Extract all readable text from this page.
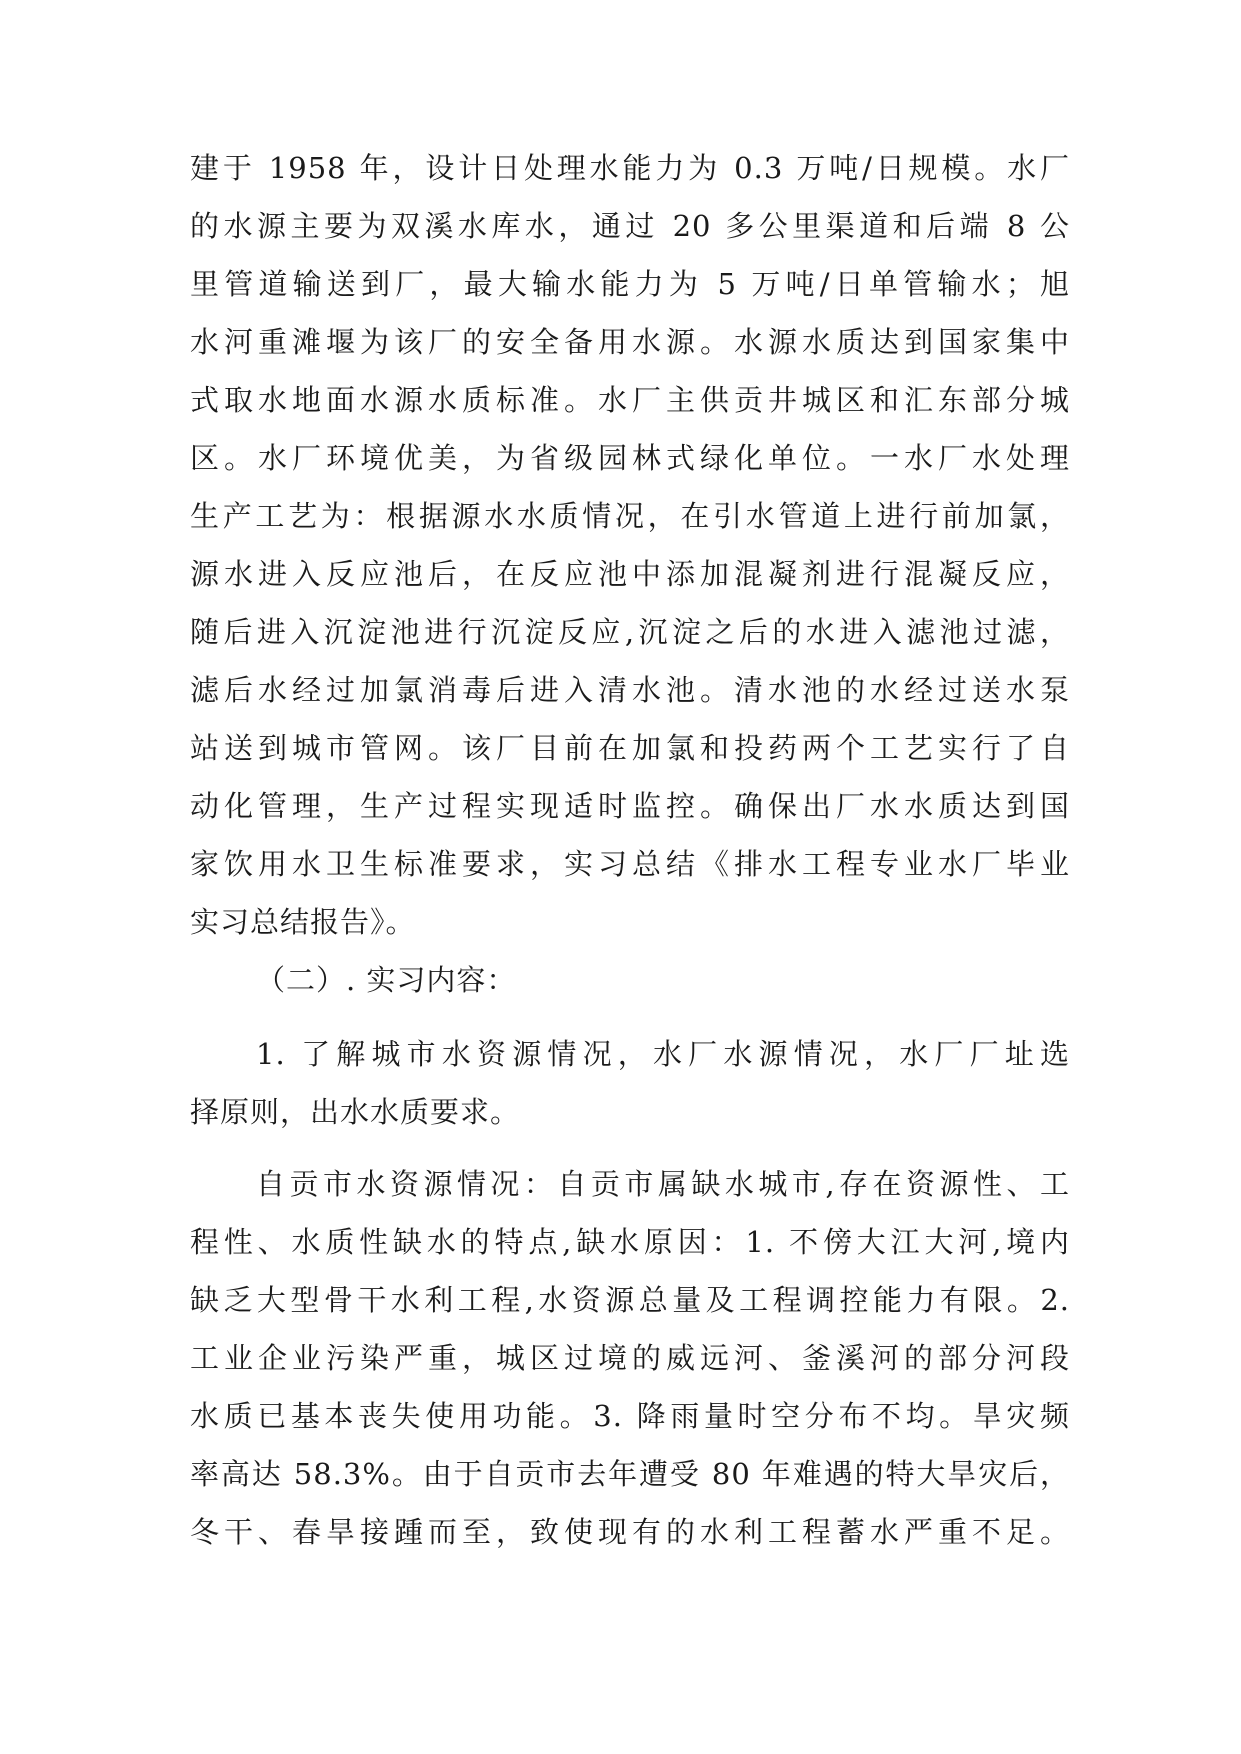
建于 1958 年，设计日处理水能力为 0.3 万吨/日规模。水厂
的水源主要为双溪水库水，通过 20 多公里渠道和后端 8 公
里管道输送到厂，最大输水能力为 5 万吨/日单管输水；旭
水河重滩堰为该厂的安全备用水源。水源水质达到国家集中
式取水地面水源水质标准。水厂主供贡井城区和汇东部分城
区。水厂环境优美，为省级园林式绿化单位。一水厂水处理
生产工艺为：根据源水水质情况，在引水管道上进行前加氯，
源水进入反应池后，在反应池中添加混凝剂进行混凝反应，
随后进入沉淀池进行沉淀反应,沉淀之后的水进入滤池过滤，
滤后水经过加氯消毒后进入清水池。清水池的水经过送水泵
站送到城市管网。该厂目前在加氯和投药两个工艺实行了自
动化管理，生产过程实现适时监控。确保出厂水水质达到国
家饮用水卫生标准要求，实习总结《排水工程专业水厂毕业
实习总结报告》。
（二）. 实习内容：
1. 了解城市水资源情况，水厂水源情况，水厂厂址选
择原则，出水水质要求。
自贡市水资源情况：自贡市属缺水城市,存在资源性、工
程性、水质性缺水的特点,缺水原因：1. 不傍大江大河,境内
缺乏大型骨干水利工程,水资源总量及工程调控能力有限。2.
工业企业污染严重，城区过境的威远河、釜溪河的部分河段
水质已基本丧失使用功能。3. 降雨量时空分布不均。旱灾频
率高达 58.3%。由于自贡市去年遭受 80 年难遇的特大旱灾后，
冬干、春旱接踵而至，致使现有的水利工程蓄水严重不足。
